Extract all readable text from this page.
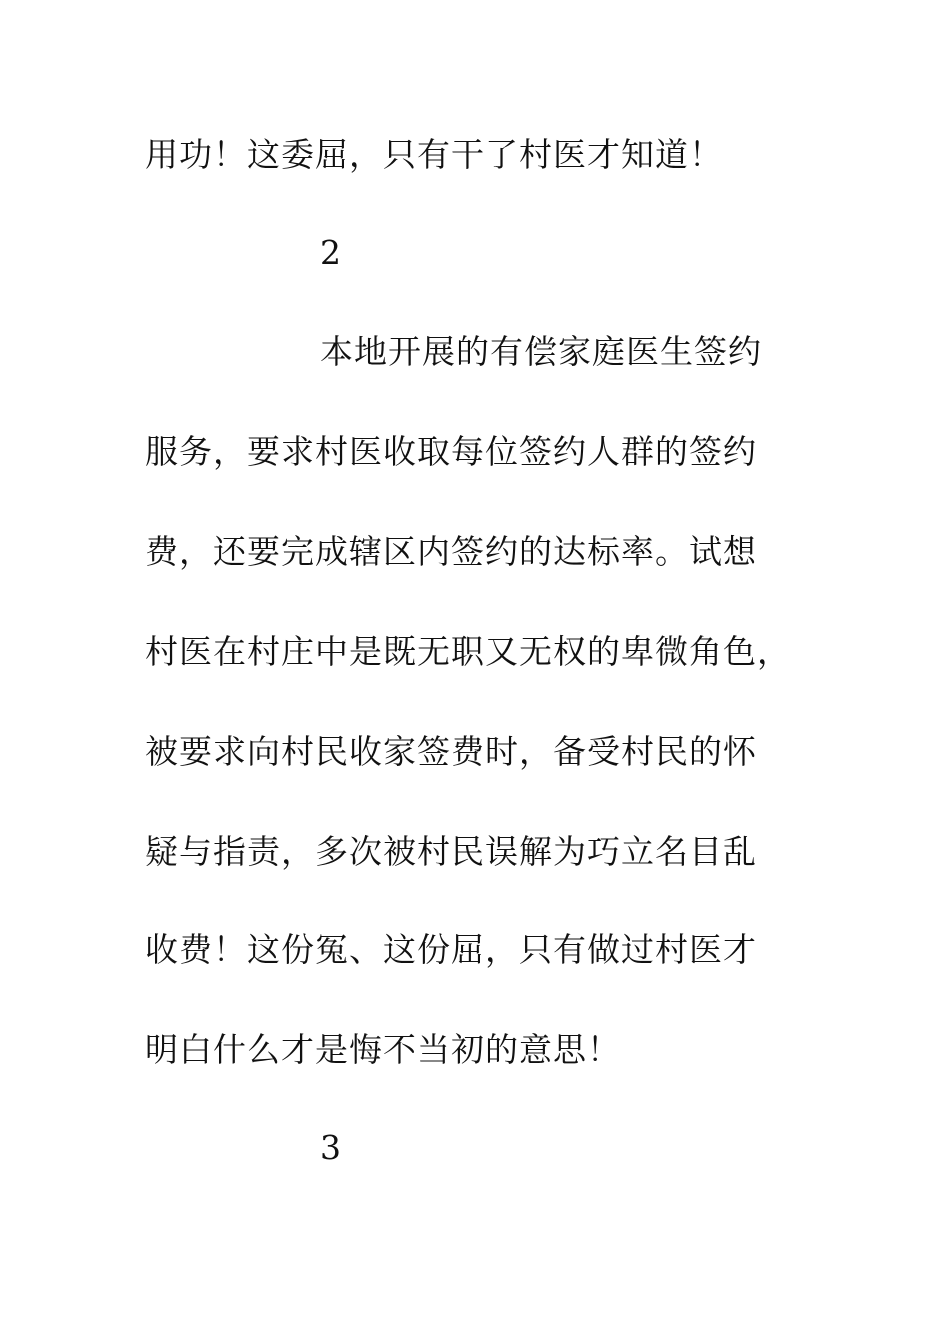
用功！这委屈，只有干了村医才知道！
2
本地开展的有偿家庭医生签约
服务，要求村医收取每位签约人群的签约
费，还要完成辖区内签约的达标率。试想
村医在村庄中是既无职又无权的卑微角色，
被要求向村民收家签费时，备受村民的怀
疑与指责，多次被村民误解为巧立名目乱
收费！这份冤、这份屈，只有做过村医才
明白什么才是悔不当初的意思！
3
